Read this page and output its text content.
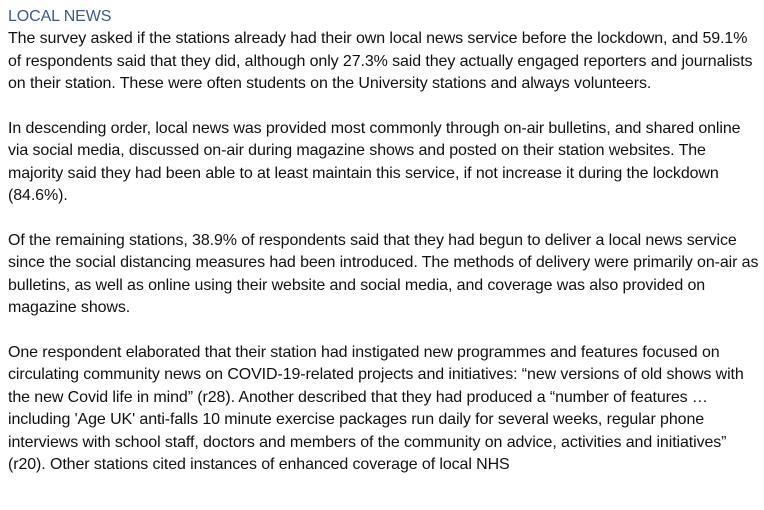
LOCAL NEWS

The survey asked if the stations already had their own local news service before the lockdown, and 59.1% of respondents said that they did, although only 27.3% said they actually engaged reporters and journalists on their station. These were often students on the University stations and always volunteers.

In descending order, local news was provided most commonly through on-air bulletins, and shared online via social media, discussed on-air during magazine shows and posted on their station websites. The majority said they had been able to at least maintain this service, if not increase it during the lockdown (84.6%).

Of the remaining stations, 38.9% of respondents said that they had begun to deliver a local news service since the social distancing measures had been introduced. The methods of delivery were primarily on-air as bulletins, as well as online using their website and social media, and coverage was also provided on magazine shows.

One respondent elaborated that their station had instigated new programmes and features focused on circulating community news on COVID-19-related projects and initiatives: “new versions of old shows with the new Covid life in mind” (r28). Another described that they had produced a “number of features … including 'Age UK' anti-falls 10 minute exercise packages run daily for several weeks, regular phone interviews with school staff, doctors and members of the community on advice, activities and initiatives” (r20). Other stations cited instances of enhanced coverage of local NHS
